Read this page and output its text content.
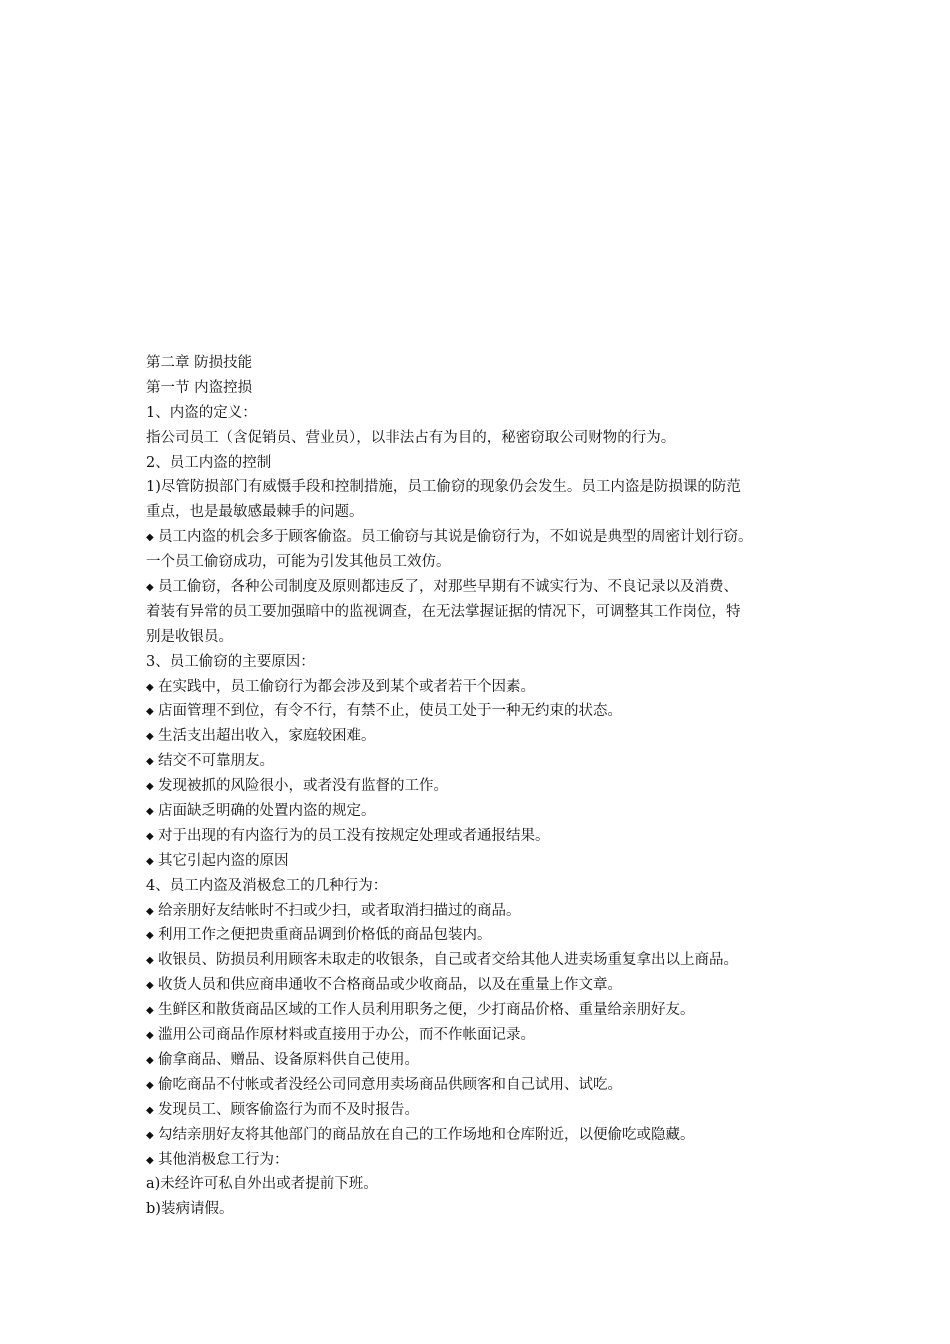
第二章 防损技能
第一节 内盗控损
1、内盗的定义：
指公司员工（含促销员、营业员），以非法占有为目的，秘密窃取公司财物的行为。
2、员工内盗的控制
1)尽管防损部门有威慑手段和控制措施，员工偷窃的现象仍会发生。员工内盗是防损课的防范
重点，也是最敏感最棘手的问题。
◆ 员工内盗的机会多于顾客偷盗。员工偷窃与其说是偷窃行为，不如说是典型的周密计划行窃。
一个员工偷窃成功，可能为引发其他员工效仿。
◆ 员工偷窃，各种公司制度及原则都违反了，对那些早期有不诚实行为、不良记录以及消费、
着装有异常的员工要加强暗中的监视调查，在无法掌握证据的情况下，可调整其工作岗位，特
别是收银员。
3、员工偷窃的主要原因：
◆ 在实践中，员工偷窃行为都会涉及到某个或者若干个因素。
◆ 店面管理不到位，有令不行，有禁不止，使员工处于一种无约束的状态。
◆ 生活支出超出收入，家庭较困难。
◆ 结交不可靠朋友。
◆ 发现被抓的风险很小，或者没有监督的工作。
◆ 店面缺乏明确的处置内盗的规定。
◆ 对于出现的有内盗行为的员工没有按规定处理或者通报结果。
◆ 其它引起内盗的原因
4、员工内盗及消极怠工的几种行为：
◆ 给亲朋好友结帐时不扫或少扫，或者取消扫描过的商品。
◆ 利用工作之便把贵重商品调到价格低的商品包装内。
◆ 收银员、防损员利用顾客未取走的收银条，自己或者交给其他人进卖场重复拿出以上商品。
◆ 收货人员和供应商串通收不合格商品或少收商品，以及在重量上作文章。
◆ 生鲜区和散货商品区域的工作人员利用职务之便，少打商品价格、重量给亲朋好友。
◆ 滥用公司商品作原材料或直接用于办公，而不作帐面记录。
◆ 偷拿商品、赠品、设备原料供自己使用。
◆ 偷吃商品不付帐或者没经公司同意用卖场商品供顾客和自己试用、试吃。
◆ 发现员工、顾客偷盗行为而不及时报告。
◆ 勾结亲朋好友将其他部门的商品放在自己的工作场地和仓库附近，以便偷吃或隐藏。
◆ 其他消极怠工行为：
a)未经许可私自外出或者提前下班。
b)装病请假。
